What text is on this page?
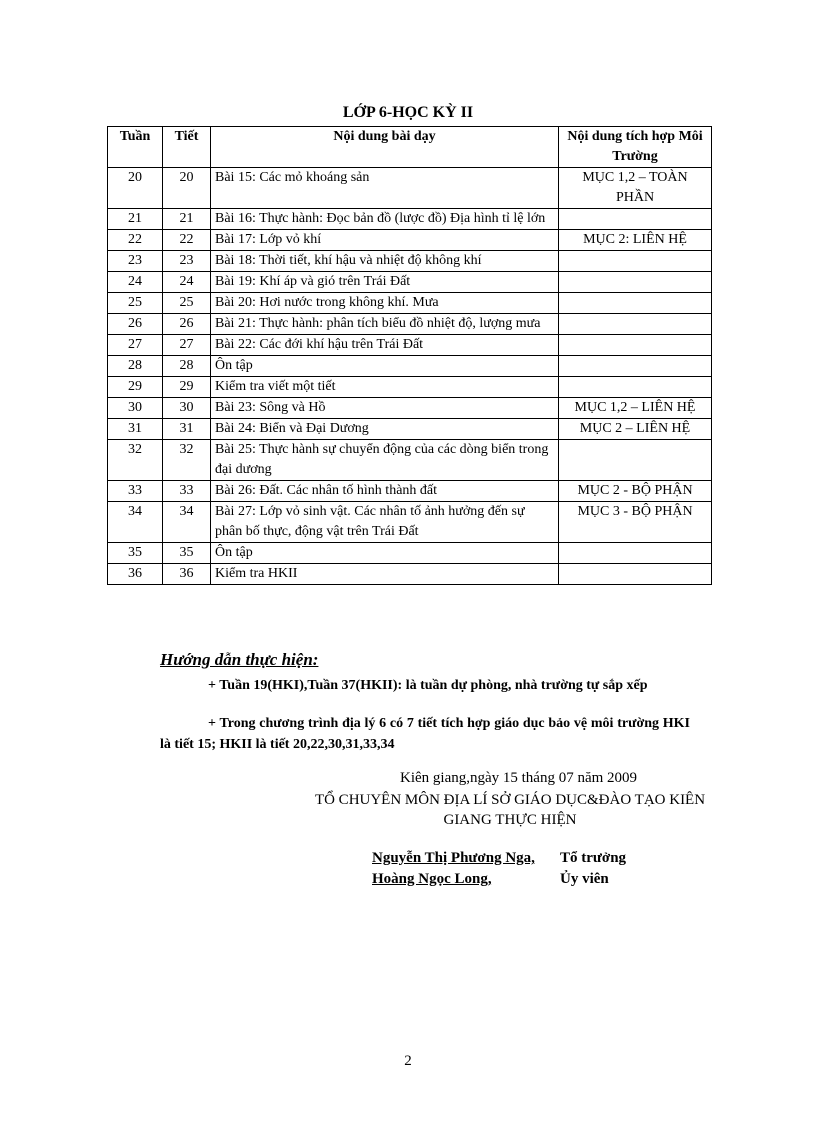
LỚP 6-HỌC KỲ II
Tuần	Tiết	Nội dung bài dạy	Nội dung tích hợp Môi Trường
20	20	Bài 15: Các mỏ khoáng sản	MỤC 1,2 – TOÀN PHẦN
21	21	Bài 16: Thực hành: Đọc bản đồ (lược đồ) Địa hình tỉ lệ lớn	
22	22	Bài 17: Lớp vỏ khí	MỤC 2: LIÊN HỆ
23	23	Bài 18: Thời tiết, khí hậu và nhiệt độ không khí	
24	24	Bài 19: Khí áp và gió trên Trái Đất	
25	25	Bài 20: Hơi nước trong không khí. Mưa	
26	26	Bài 21: Thực hành: phân tích biểu đồ nhiệt độ, lượng mưa	
27	27	Bài 22: Các đới khí hậu trên Trái Đất	
28	28	Ôn tập	
29	29	Kiểm tra viết một tiết	
30	30	Bài 23: Sông và Hồ	MỤC 1,2 – LIÊN HỆ
31	31	Bài 24: Biển và Đại Dương	MỤC 2 – LIÊN HỆ
32	32	Bài 25: Thực hành sự chuyển động của các dòng biển trong đại dương	
33	33	Bài 26: Đất. Các nhân tố hình thành đất	MỤC 2 - BỘ PHẬN
34	34	Bài 27: Lớp vỏ sinh vật. Các nhân tố ảnh hưởng đến sự phân bố thực, động vật trên Trái Đất	MỤC 3 - BỘ PHẬN
35	35	Ôn tập	
36	36	Kiểm tra HKII	
Hướng dẫn thực hiện:
+ Tuần 19(HKI),Tuần 37(HKII): là tuần dự phòng, nhà trường tự sắp xếp
+ Trong chương trình địa lý 6 có 7 tiết tích hợp giáo dục bảo vệ môi trường HKI là tiết 15; HKII là tiết 20,22,30,31,33,34
Kiên giang,ngày 15 tháng 07 năm 2009
TỔ CHUYÊN MÔN ĐỊA LÍ SỞ GIÁO DỤC&ĐÀO TẠO KIÊN GIANG THỰC HIỆN
Nguyễn Thị Phương Nga, Tổ trưởng
Hoàng Ngọc Long,	Ủy viên
2
